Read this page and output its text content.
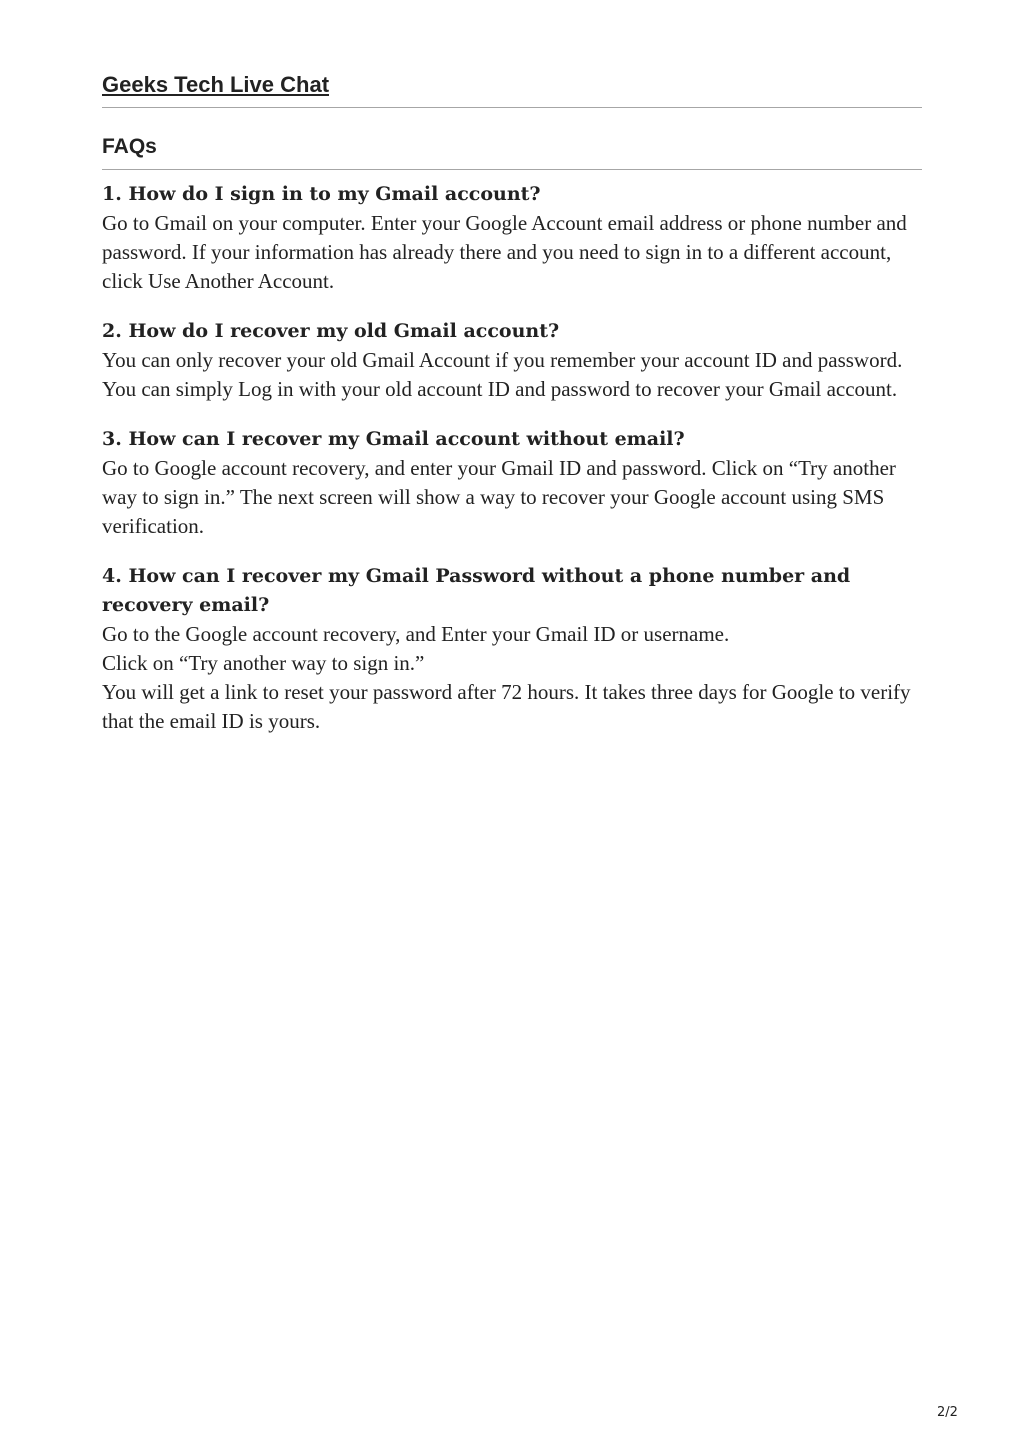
Geeks Tech Live Chat
FAQs

1. How do I sign in to my Gmail account?

Go to Gmail on your computer. Enter your Google Account email address or phone number and password. If your information has already there and you need to sign in to a different account, click Use Another Account.

2. How do I recover my old Gmail account?

You can only recover your old Gmail Account if you remember your account ID and password. You can simply Log in with your old account ID and password to recover your Gmail account.

3. How can I recover my Gmail account without email?

Go to Google account recovery, and enter your Gmail ID and password. Click on “Try another way to sign in.” The next screen will show a way to recover your Google account using SMS verification.

4. How can I recover my Gmail Password without a phone number and recovery email?

Go to the Google account recovery, and Enter your Gmail ID or username.

Click on “Try another way to sign in.”

You will get a link to reset your password after 72 hours. It takes three days for Google to verify that the email ID is yours.

2/2
